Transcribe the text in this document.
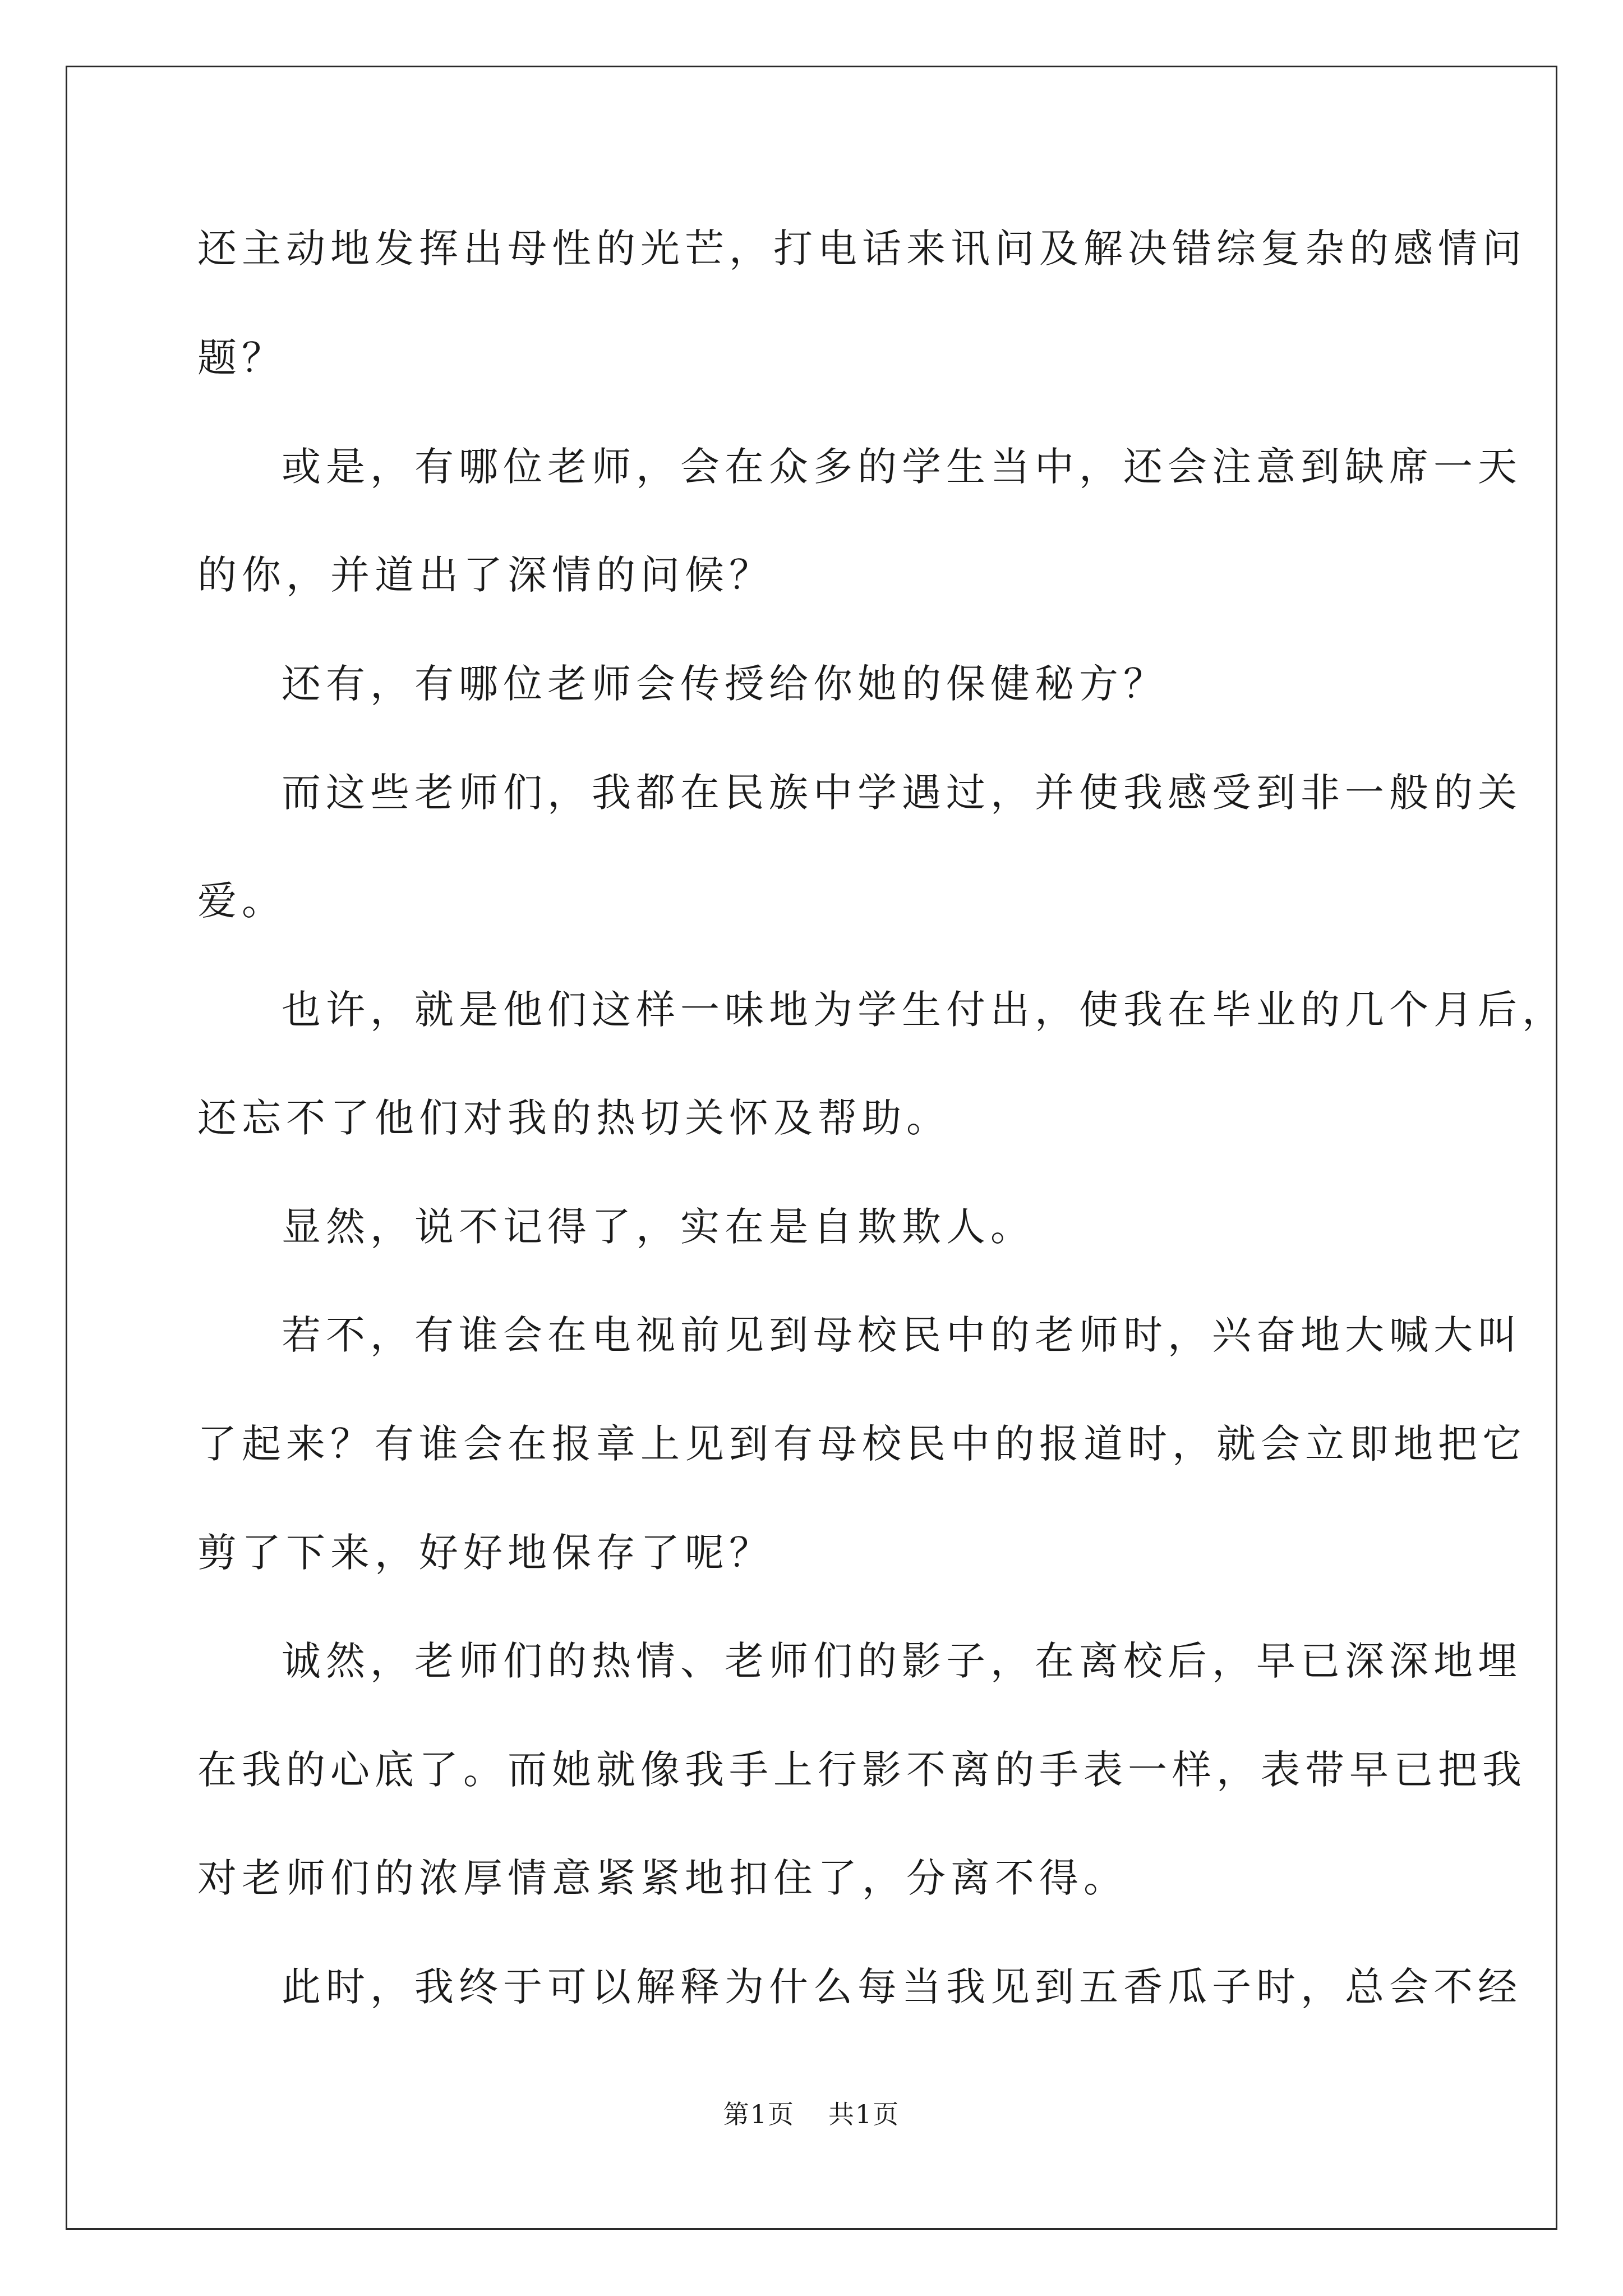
还主动地发挥出母性的光芒，打电话来讯问及解决错综复杂的感情问
题？
或是，有哪位老师，会在众多的学生当中，还会注意到缺席一天
的你，并道出了深情的问候？
还有，有哪位老师会传授给你她的保健秘方？
而这些老师们，我都在民族中学遇过，并使我感受到非一般的关
爱。
也许，就是他们这样一味地为学生付出，使我在毕业的几个月后，
还忘不了他们对我的热切关怀及帮助。
显然，说不记得了，实在是自欺欺人。
若不，有谁会在电视前见到母校民中的老师时，兴奋地大喊大叫
了起来？有谁会在报章上见到有母校民中的报道时，就会立即地把它
剪了下来，好好地保存了呢？
诚然，老师们的热情、老师们的影子，在离校后，早已深深地埋
在我的心底了。而她就像我手上行影不离的手表一样，表带早已把我
对老师们的浓厚情意紧紧地扣住了，分离不得。
此时，我终于可以解释为什么每当我见到五香瓜子时，总会不经
第1页 共1页
